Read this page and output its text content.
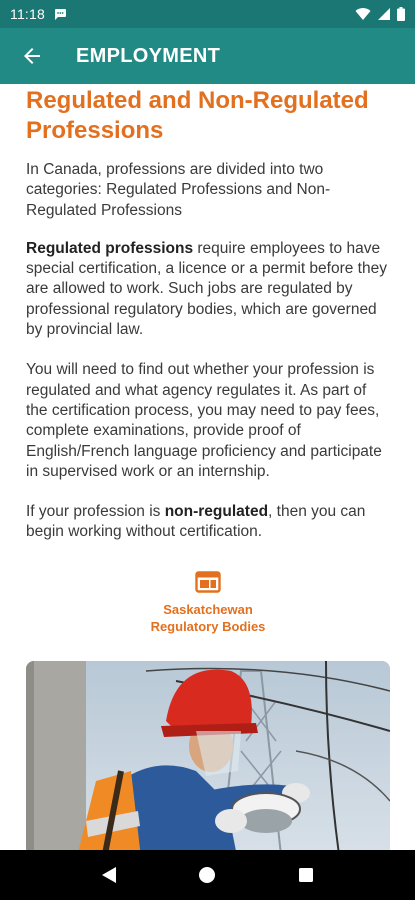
11:18
EMPLOYMENT
Regulated and Non-Regulated Professions

In Canada, professions are divided into two categories: Regulated Professions and Non-Regulated Professions

Regulated professions require employees to have special certification, a licence or a permit before they are allowed to work. Such jobs are regulated by professional regulatory bodies, which are governed by provincial law.

You will need to find out whether your profession is regulated and what agency regulates it. As part of the certification process, you may need to pay fees, complete examinations, provide proof of English/French language proficiency and participate in supervised work or an internship.

If your profession is non-regulated, then you can begin working without certification.

Saskatchewan
Regulatory Bodies
